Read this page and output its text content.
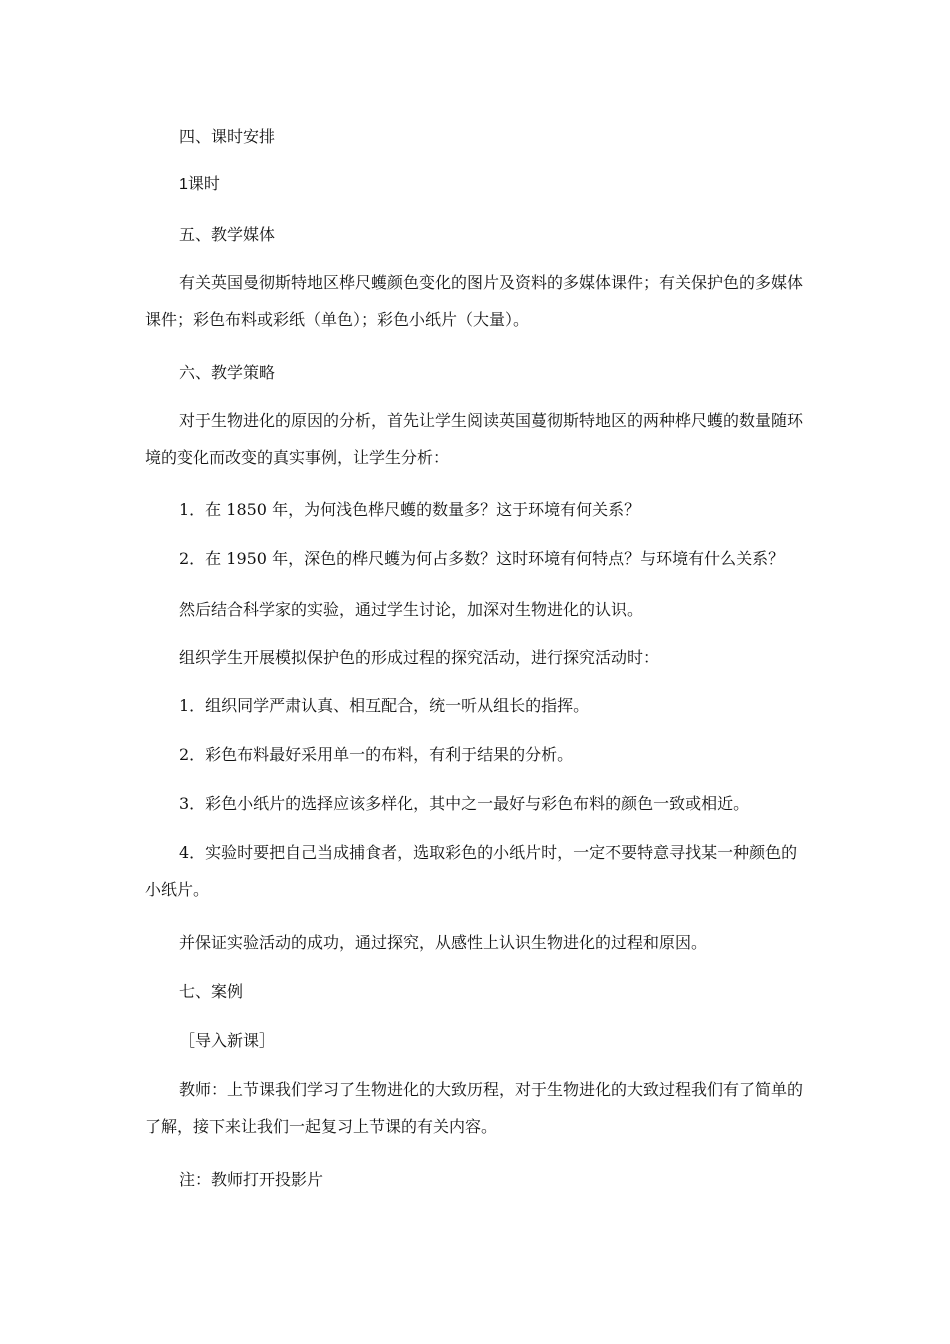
四、课时安排

1课时

五、教学媒体

有关英国曼彻斯特地区桦尺蠖颜色变化的图片及资料的多媒体课件；有关保护色的多媒体课件；彩色布料或彩纸（单色）；彩色小纸片（大量）。

六、教学策略

对于生物进化的原因的分析，首先让学生阅读英国蔓彻斯特地区的两种桦尺蠖的数量随环境的变化而改变的真实事例，让学生分析：

1．在 1850 年，为何浅色桦尺蠖的数量多？这于环境有何关系？

2．在 1950 年，深色的桦尺蠖为何占多数？这时环境有何特点？与环境有什么关系？

然后结合科学家的实验，通过学生讨论，加深对生物进化的认识。

组织学生开展模拟保护色的形成过程的探究活动，进行探究活动时：

1．组织同学严肃认真、相互配合，统一听从组长的指挥。

2．彩色布料最好采用单一的布料，有利于结果的分析。

3．彩色小纸片的选择应该多样化，其中之一最好与彩色布料的颜色一致或相近。

4．实验时要把自己当成捕食者，选取彩色的小纸片时，一定不要特意寻找某一种颜色的小纸片。

并保证实验活动的成功，通过探究，从感性上认识生物进化的过程和原因。

七、案例

［导入新课］

教师：上节课我们学习了生物进化的大致历程，对于生物进化的大致过程我们有了简单的了解，接下来让我们一起复习上节课的有关内容。

注：教师打开投影片
